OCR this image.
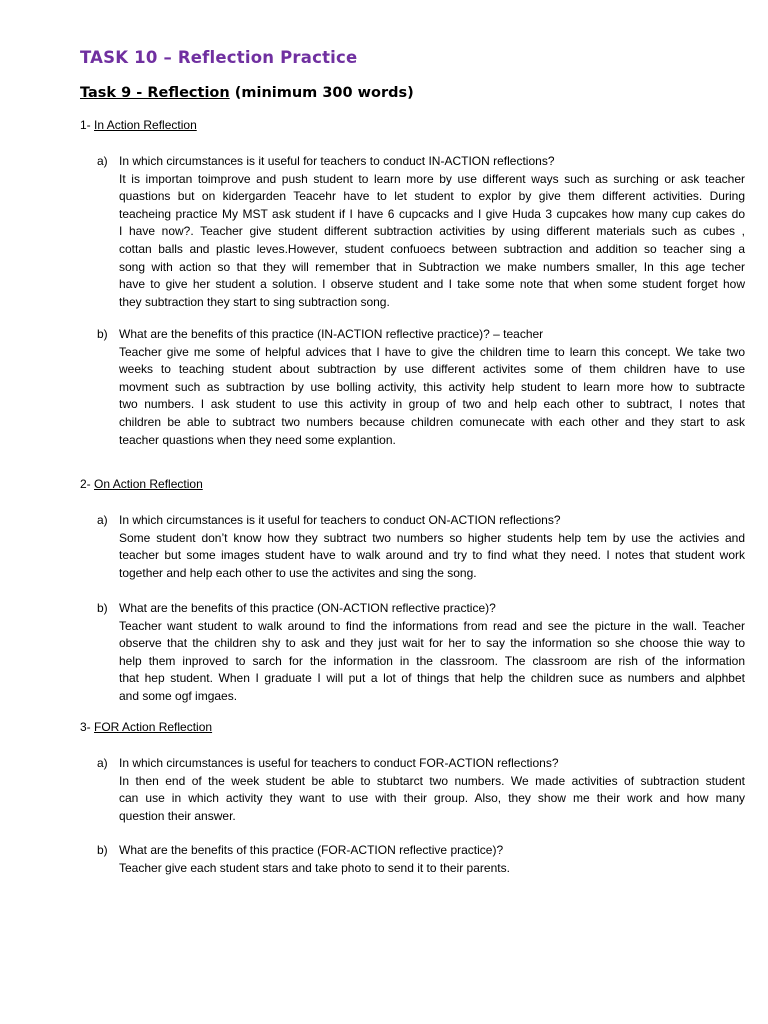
TASK 10 – Reflection Practice
Task 9 - Reflection (minimum 300 words)
1- In Action Reflection
a) In which circumstances is it useful for teachers to conduct IN-ACTION reflections?
It is importan toimprove and push student to learn more by use different ways such as surching or ask teacher
quastions but on kidergarden Teacehr have to let student to explor by give them different activities. During
teacheing practice My MST ask student if I have 6 cupcacks and I give Huda 3 cupcakes how many cup cakes do
I have now?. Teacher give student different subtraction activities by using different materials such as cubes ,
cottan balls and plastic leves.However, student confuoecs between subtraction and addition so teacher sing a
song with action so that they will remember that in Subtraction we make numbers smaller, In this age techer
have to give her student a solution. I observe student and I take some note that when some student forget how
they subtraction they start to sing subtraction song.
b) What are the benefits of this practice (IN-ACTION reflective practice)? – teacher
Teacher give me some of helpful advices that I have to give the children time to learn this concept. We take two
weeks to teaching student about subtraction by use different activites some of them children have to use
movment such as subtraction by use bolling activity, this activity help student to learn more how to subtracte
two numbers. I ask student to use this activity in group of two and help each other to subtract, I notes that
children be able to subtract two numbers because children comunecate with each other and they start to ask
teacher quastions when they need some explantion.
2- On Action Reflection
a) In which circumstances is it useful for teachers to conduct ON-ACTION reflections?
Some student don’t know how they subtract two numbers so higher students help tem by use the activies and
teacher but some images student have to walk around and try to find what they need. I notes that student work
together and help each other to use the activites and sing the song.
b) What are the benefits of this practice (ON-ACTION reflective practice)?
Teacher want student to walk around to find the informations from read and see the picture in the wall. Teacher
observe that the children shy to ask and they just wait for her to say the information so she choose thie way to
help them inproved to sarch for the information in the classroom. The classroom are rish of the information
that hep student. When I graduate I will put a lot of things that help the children suce as numbers and alphbet
and some ogf imgaes.
3- FOR Action Reflection
a) In which circumstances is useful for teachers to conduct FOR-ACTION reflections?
In then end of the week student be able to stubtarct two numbers. We made activities of subtraction student
can use in which activity they want to use with their group. Also, they show me their work and how many
question their answer.
b) What are the benefits of this practice (FOR-ACTION reflective practice)?
Teacher give each student stars and take photo to send it to their parents.
